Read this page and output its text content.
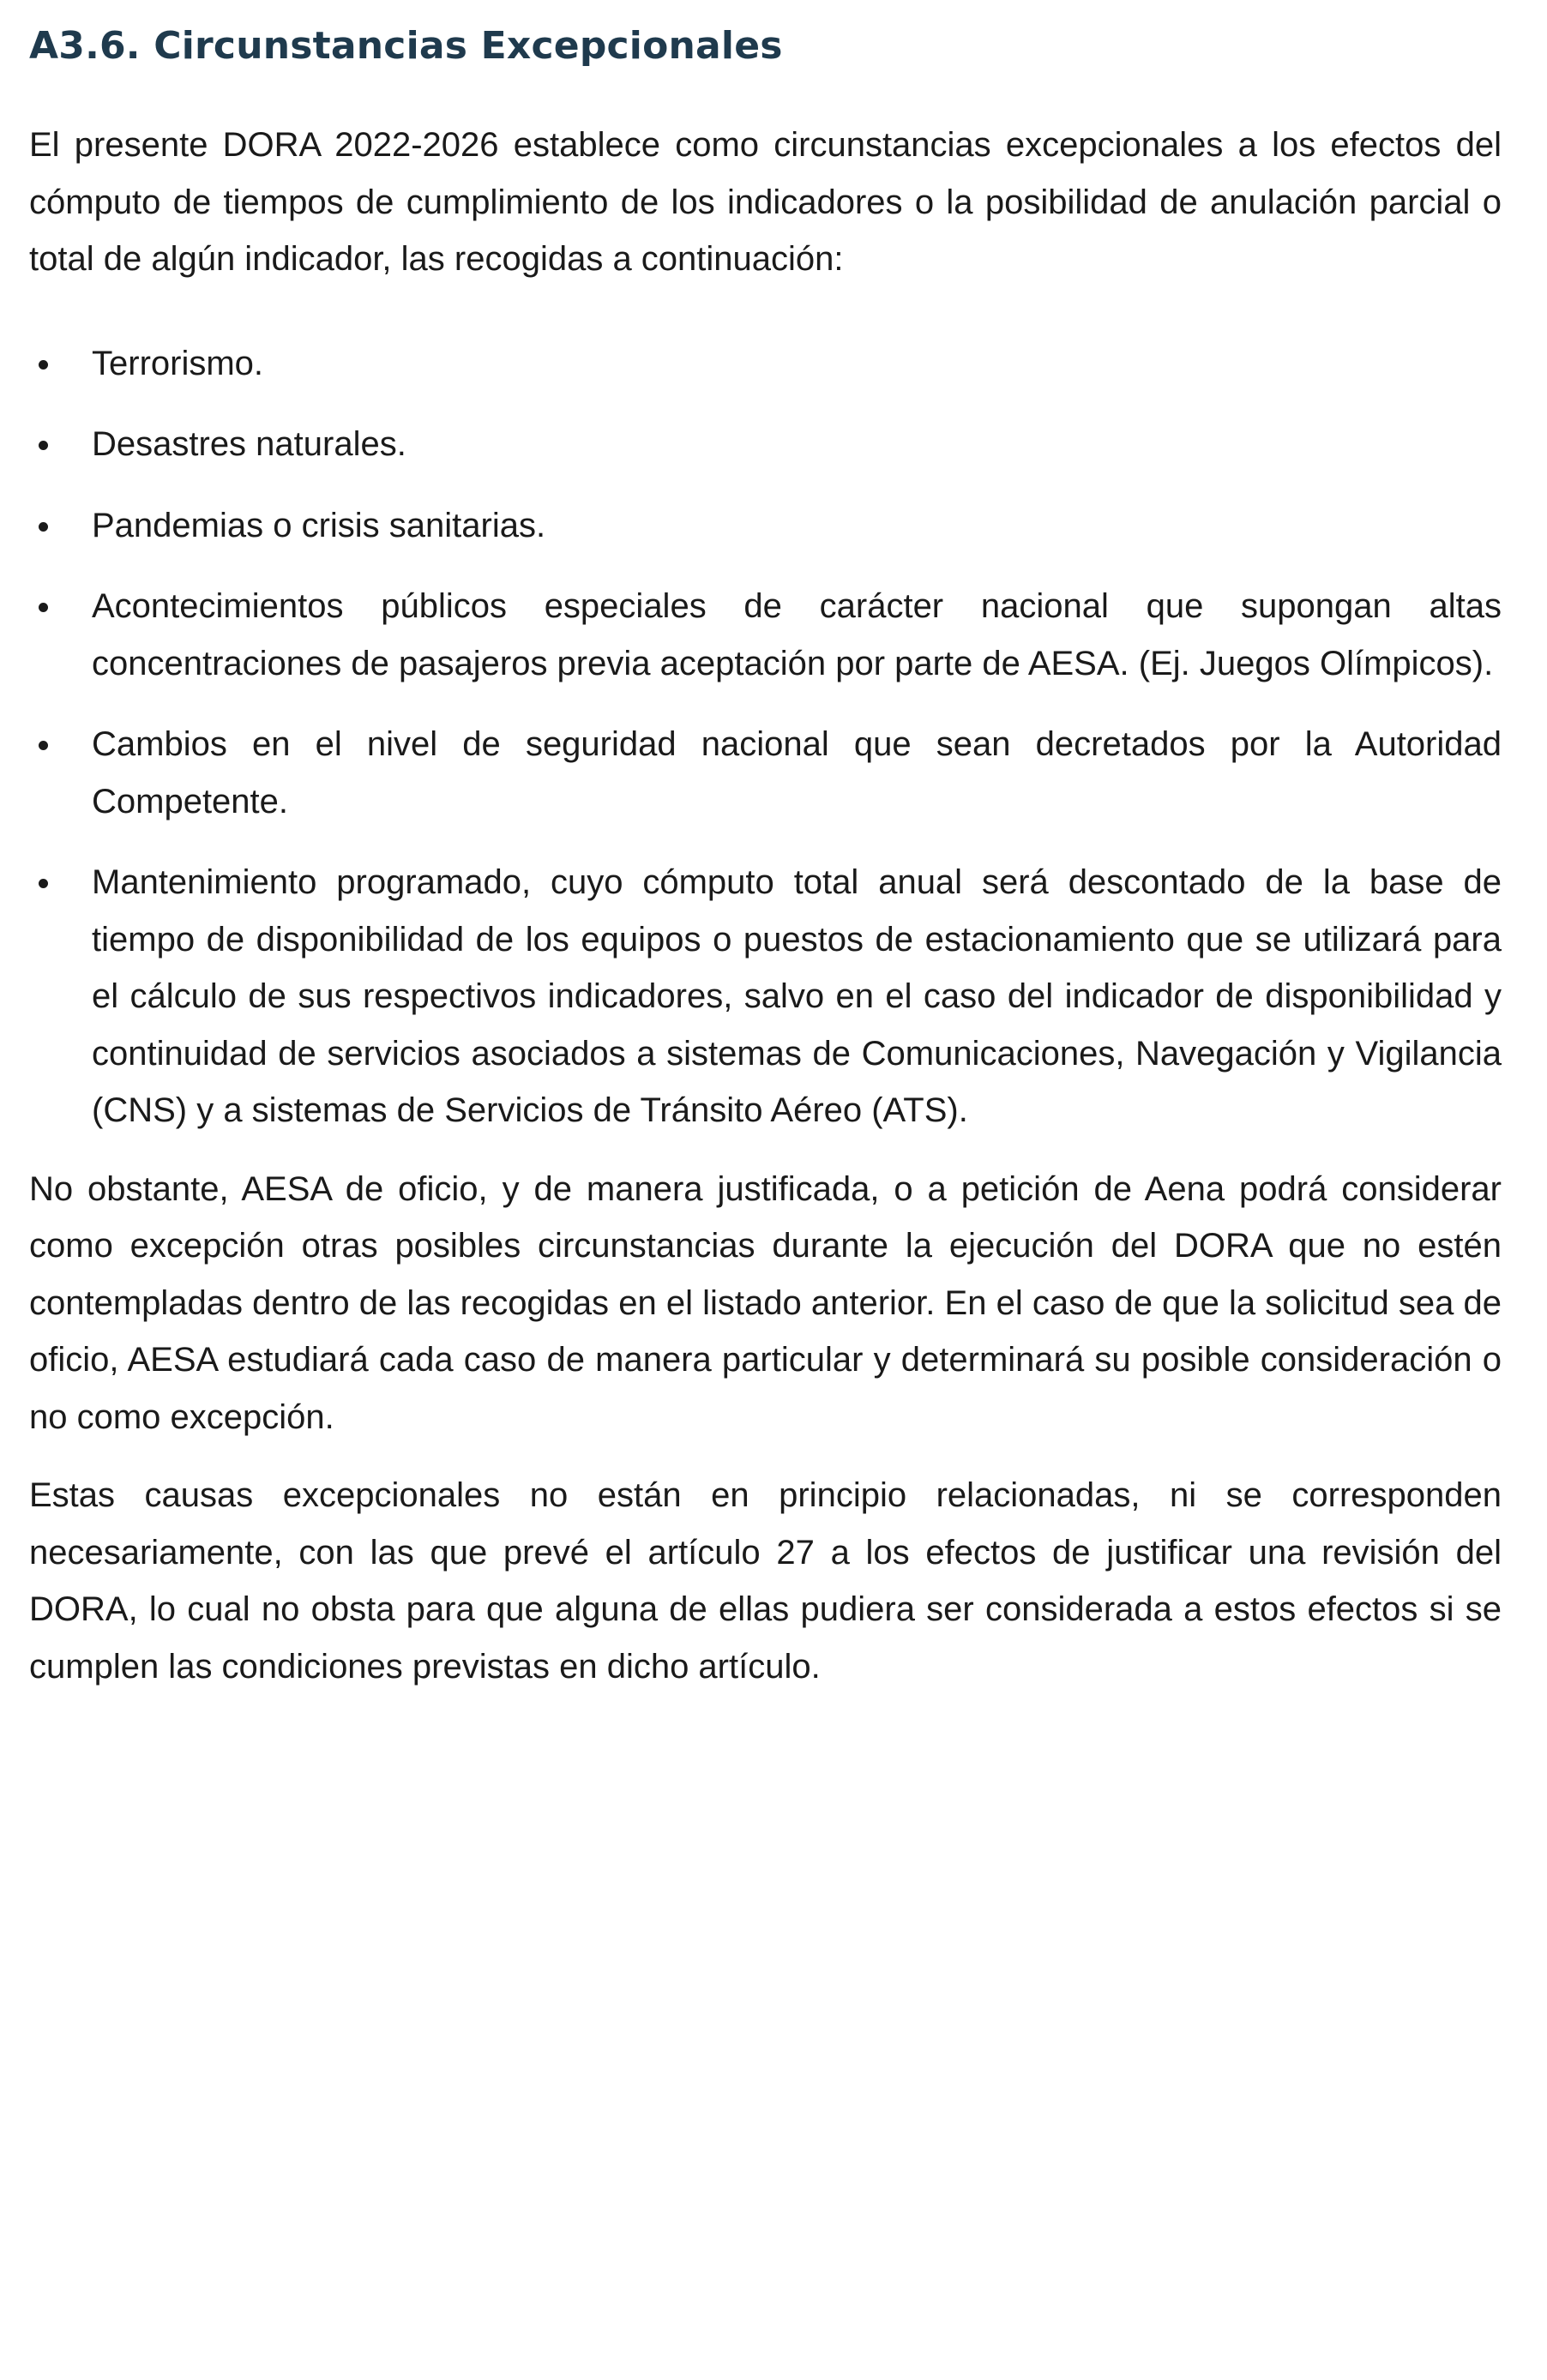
A3.6. Circunstancias Excepcionales

El presente DORA 2022-2026 establece como circunstancias excepcionales a los efectos del cómputo de tiempos de cumplimiento de los indicadores o la posibilidad de anulación parcial o total de algún indicador, las recogidas a continuación:

Terrorismo.
Desastres naturales.
Pandemias o crisis sanitarias.
Acontecimientos públicos especiales de carácter nacional que supongan altas concentraciones de pasajeros previa aceptación por parte de AESA. (Ej. Juegos Olímpicos).
Cambios en el nivel de seguridad nacional que sean decretados por la Autoridad Competente.
Mantenimiento programado, cuyo cómputo total anual será descontado de la base de tiempo de disponibilidad de los equipos o puestos de estacionamiento que se utilizará para el cálculo de sus respectivos indicadores, salvo en el caso del indicador de disponibilidad y continuidad de servicios asociados a sistemas de Comunicaciones, Navegación y Vigilancia (CNS) y a sistemas de Servicios de Tránsito Aéreo (ATS).

No obstante, AESA de oficio, y de manera justificada, o a petición de Aena podrá considerar como excepción otras posibles circunstancias durante la ejecución del DORA que no estén contempladas dentro de las recogidas en el listado anterior. En el caso de que la solicitud sea de oficio, AESA estudiará cada caso de manera particular y determinará su posible consideración o no como excepción.

Estas causas excepcionales no están en principio relacionadas, ni se corresponden necesariamente, con las que prevé el artículo 27 a los efectos de justificar una revisión del DORA, lo cual no obsta para que alguna de ellas pudiera ser considerada a estos efectos si se cumplen las condiciones previstas en dicho artículo.
